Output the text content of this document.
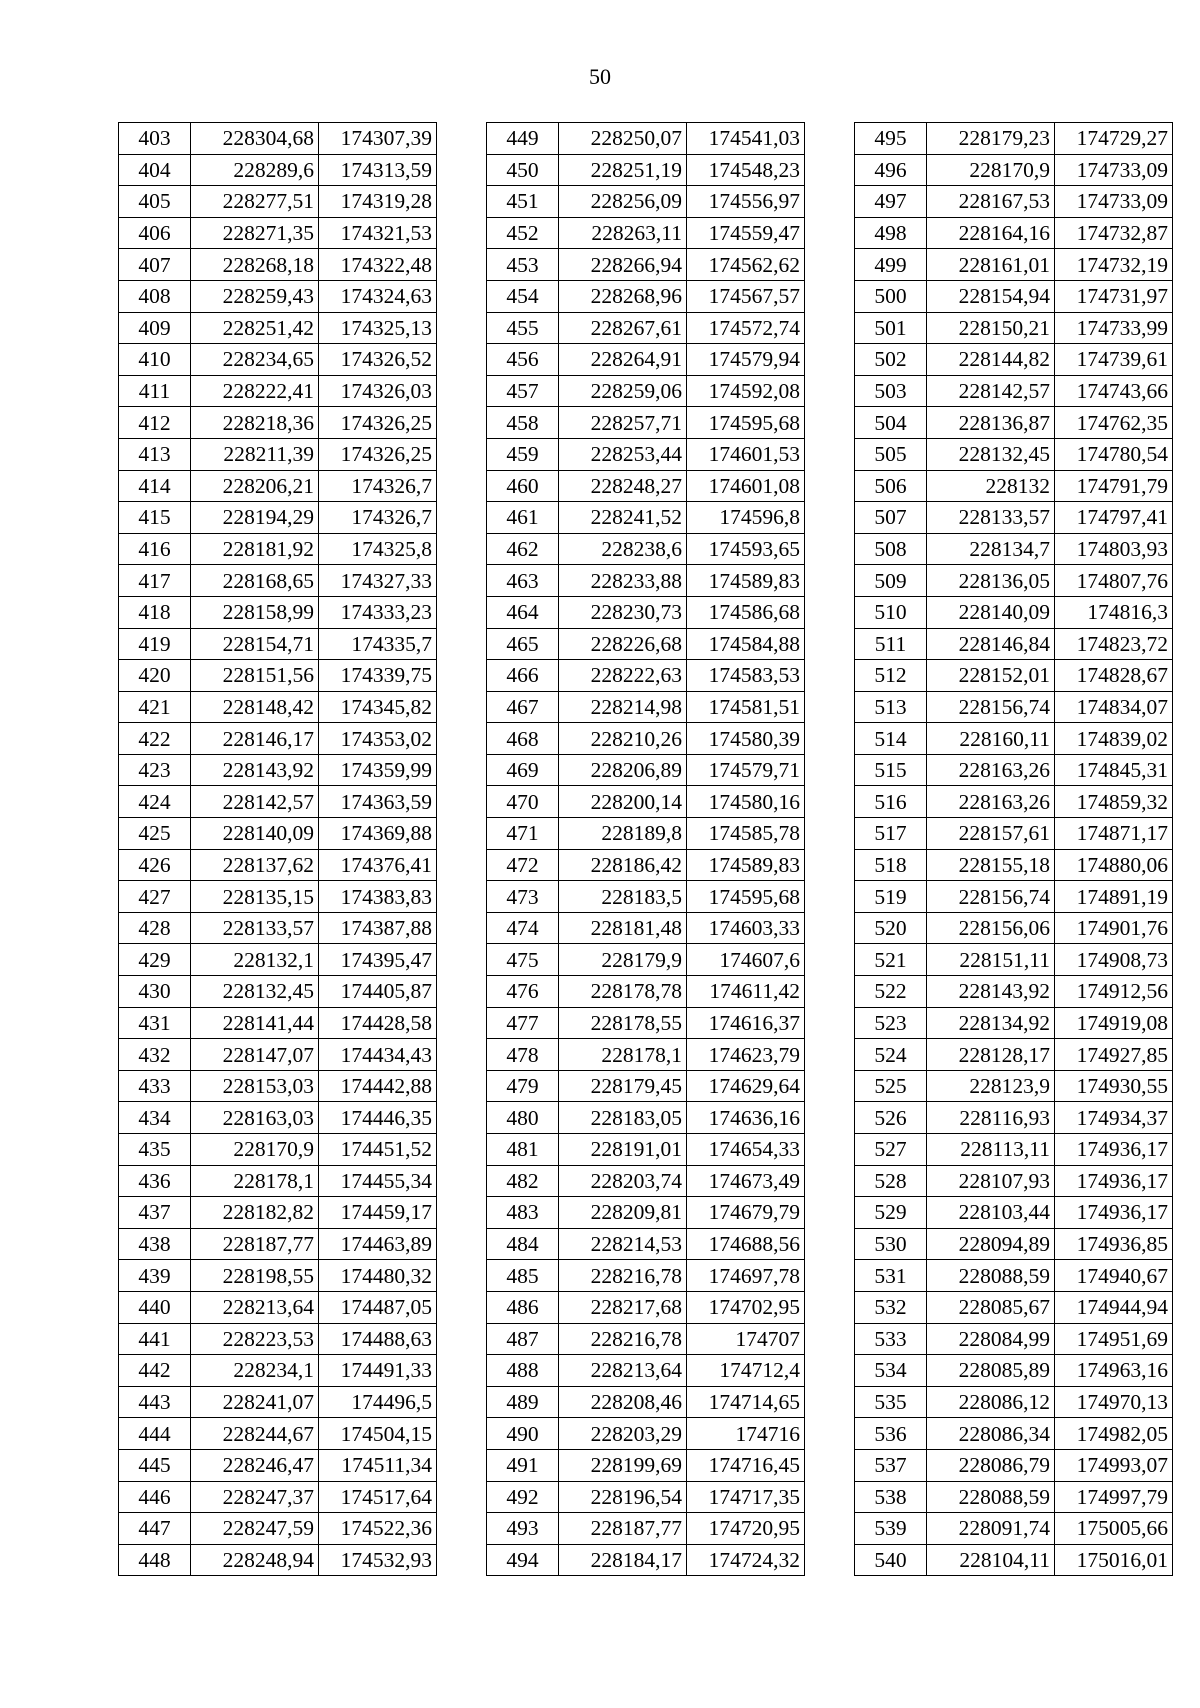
50
403	228304,68	174307,39
404	228289,6	174313,59
405	228277,51	174319,28
406	228271,35	174321,53
407	228268,18	174322,48
408	228259,43	174324,63
409	228251,42	174325,13
410	228234,65	174326,52
411	228222,41	174326,03
412	228218,36	174326,25
413	228211,39	174326,25
414	228206,21	174326,7
415	228194,29	174326,7
416	228181,92	174325,8
417	228168,65	174327,33
418	228158,99	174333,23
419	228154,71	174335,7
420	228151,56	174339,75
421	228148,42	174345,82
422	228146,17	174353,02
423	228143,92	174359,99
424	228142,57	174363,59
425	228140,09	174369,88
426	228137,62	174376,41
427	228135,15	174383,83
428	228133,57	174387,88
429	228132,1	174395,47
430	228132,45	174405,87
431	228141,44	174428,58
432	228147,07	174434,43
433	228153,03	174442,88
434	228163,03	174446,35
435	228170,9	174451,52
436	228178,1	174455,34
437	228182,82	174459,17
438	228187,77	174463,89
439	228198,55	174480,32
440	228213,64	174487,05
441	228223,53	174488,63
442	228234,1	174491,33
443	228241,07	174496,5
444	228244,67	174504,15
445	228246,47	174511,34
446	228247,37	174517,64
447	228247,59	174522,36
448	228248,94	174532,93
449	228250,07	174541,03
450	228251,19	174548,23
451	228256,09	174556,97
452	228263,11	174559,47
453	228266,94	174562,62
454	228268,96	174567,57
455	228267,61	174572,74
456	228264,91	174579,94
457	228259,06	174592,08
458	228257,71	174595,68
459	228253,44	174601,53
460	228248,27	174601,08
461	228241,52	174596,8
462	228238,6	174593,65
463	228233,88	174589,83
464	228230,73	174586,68
465	228226,68	174584,88
466	228222,63	174583,53
467	228214,98	174581,51
468	228210,26	174580,39
469	228206,89	174579,71
470	228200,14	174580,16
471	228189,8	174585,78
472	228186,42	174589,83
473	228183,5	174595,68
474	228181,48	174603,33
475	228179,9	174607,6
476	228178,78	174611,42
477	228178,55	174616,37
478	228178,1	174623,79
479	228179,45	174629,64
480	228183,05	174636,16
481	228191,01	174654,33
482	228203,74	174673,49
483	228209,81	174679,79
484	228214,53	174688,56
485	228216,78	174697,78
486	228217,68	174702,95
487	228216,78	174707
488	228213,64	174712,4
489	228208,46	174714,65
490	228203,29	174716
491	228199,69	174716,45
492	228196,54	174717,35
493	228187,77	174720,95
494	228184,17	174724,32
495	228179,23	174729,27
496	228170,9	174733,09
497	228167,53	174733,09
498	228164,16	174732,87
499	228161,01	174732,19
500	228154,94	174731,97
501	228150,21	174733,99
502	228144,82	174739,61
503	228142,57	174743,66
504	228136,87	174762,35
505	228132,45	174780,54
506	228132	174791,79
507	228133,57	174797,41
508	228134,7	174803,93
509	228136,05	174807,76
510	228140,09	174816,3
511	228146,84	174823,72
512	228152,01	174828,67
513	228156,74	174834,07
514	228160,11	174839,02
515	228163,26	174845,31
516	228163,26	174859,32
517	228157,61	174871,17
518	228155,18	174880,06
519	228156,74	174891,19
520	228156,06	174901,76
521	228151,11	174908,73
522	228143,92	174912,56
523	228134,92	174919,08
524	228128,17	174927,85
525	228123,9	174930,55
526	228116,93	174934,37
527	228113,11	174936,17
528	228107,93	174936,17
529	228103,44	174936,17
530	228094,89	174936,85
531	228088,59	174940,67
532	228085,67	174944,94
533	228084,99	174951,69
534	228085,89	174963,16
535	228086,12	174970,13
536	228086,34	174982,05
537	228086,79	174993,07
538	228088,59	174997,79
539	228091,74	175005,66
540	228104,11	175016,01
